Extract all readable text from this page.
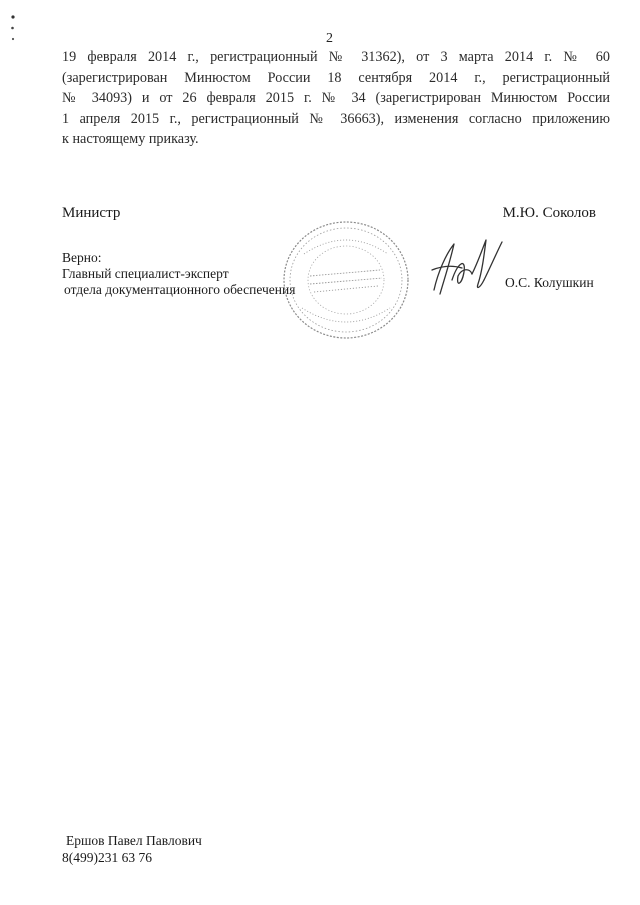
2
19 февраля 2014 г., регистрационный № 31362), от 3 марта 2014 г. № 60
(зарегистрирован Минюстом России 18 сентября 2014 г., регистрационный
№ 34093) и от 26 февраля 2015 г. № 34 (зарегистрирован Минюстом России
1 апреля 2015 г., регистрационный № 36663), изменения согласно приложению
к настоящему приказу.
Министр	М.Ю. Соколов
Верно:
Главный специалист-эксперт
отдела документационного обеспечения	О.С. Колушкин
Ершов Павел Павлович
8(499)231 63 76
